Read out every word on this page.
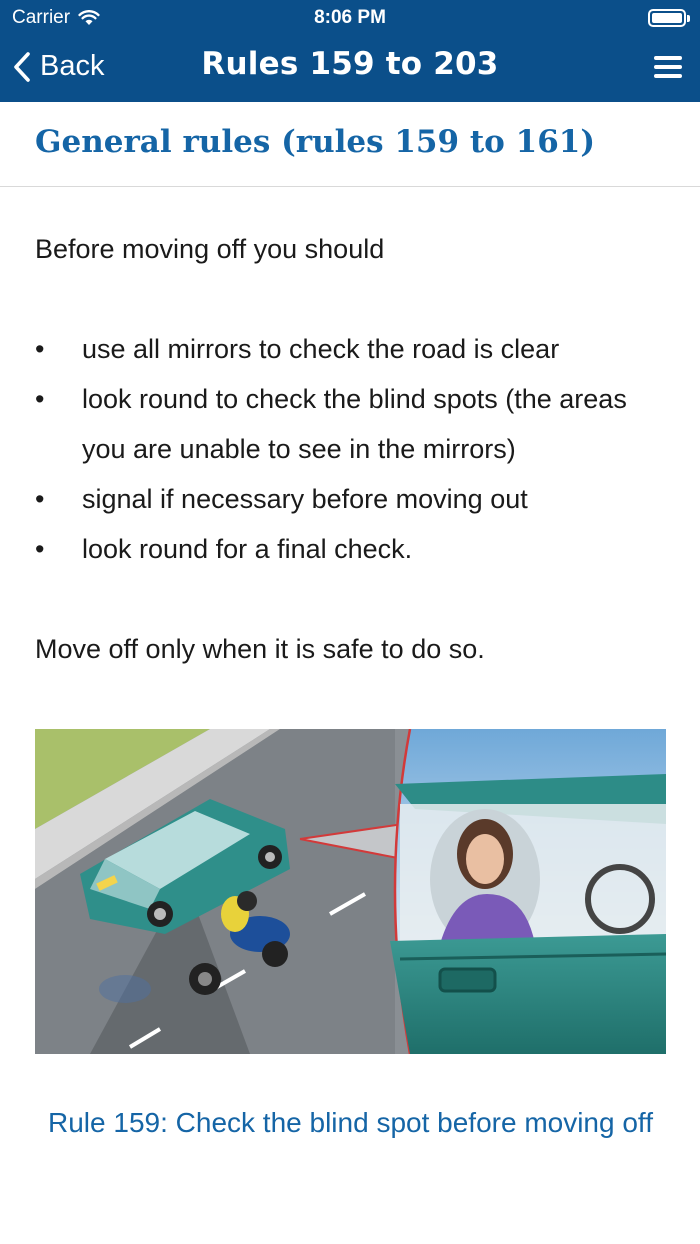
Carrier	8:06 PM
Back	Rules 159 to 203
General rules (rules 159 to 161)
Before moving off you should
• use all mirrors to check the road is clear
• look round to check the blind spots (the areas you are unable to see in the mirrors)
• signal if necessary before moving out
• look round for a final check.
Move off only when it is safe to do so.
Rule 159: Check the blind spot before moving off
